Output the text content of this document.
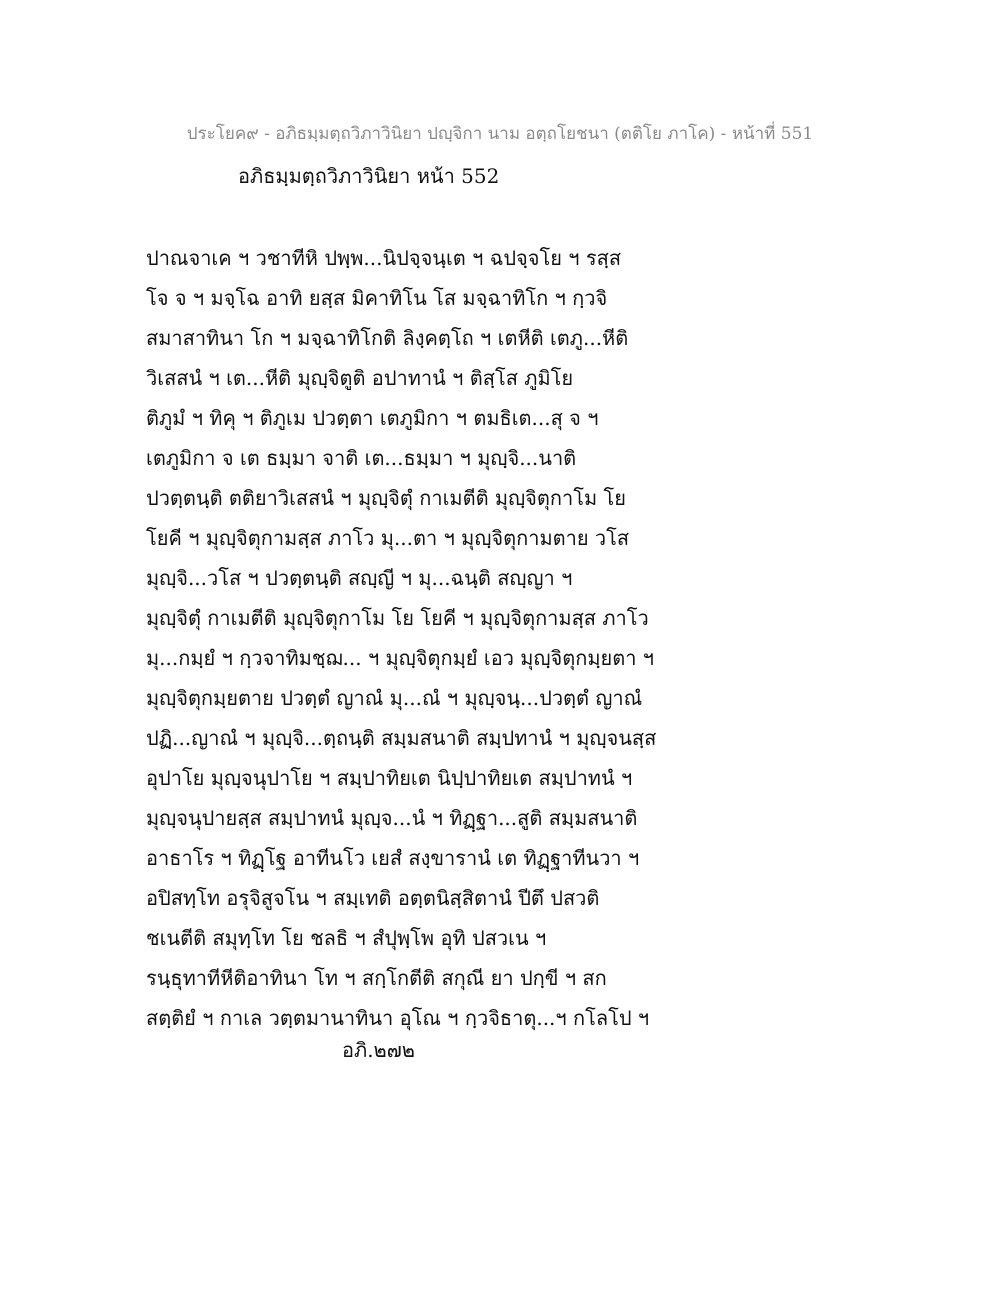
ประโยค๙ - อภิธมฺมตฺถวิภาวินิยา ปญฺจิกา นาม อตฺถโยชนา (ตติโย ภาโค) - หน้าที่ 551
อภิธมฺมตฺถวิภาวินิยา หน้า 552
ปาณจาเค ฯ วชาทีหิ ปพฺพ...นิปจฺจนฺเต ฯ ฉปจฺจโย ฯ รสฺส
โจ จ ฯ มจฺโฉ อาทิ ยสฺส มิคาทิโน โส มจฺฉาทิโก ฯ กฺวจิ
สมาสาทินา โก ฯ มจฺฉาทิโกติ ลิงฺคตฺโถ ฯ เตหีติ เตภู...หีติ
วิเสสนํ ฯ เต...หีติ มุญฺจิตูติ อปาทานํ ฯ ติสฺโส ภูมิโย
ติภูมํ ฯ ทิคุ ฯ ติภูเม ปวตฺตา เตภูมิกา ฯ ตมธิเต...สุ จ ฯ
เตภูมิกา จ เต ธมฺมา จาติ เต...ธมฺมา ฯ มุญฺจิ...นาติ
ปวตฺตนฺติ ตติยาวิเสสนํ ฯ มุญฺจิตุํ กาเมตีติ มุญฺจิตุกาโม โย
โยคี ฯ มุญฺจิตุกามสฺส ภาโว มุ...ตา ฯ มุญฺจิตุกามตาย วโส
มุญฺจิ...วโส ฯ ปวตฺตนฺติ สญฺญี ฯ มุ...ฉนฺติ สญฺญา ฯ
มุญฺจิตุํ กาเมตีติ มุญฺจิตุกาโม โย โยคี ฯ มุญฺจิตุกามสฺส ภาโว
มุ...กมฺยํ ฯ กฺวจาทิมชฺฌ... ฯ มุญฺจิตุกมฺยํ เอว มุญฺจิตุกมฺยตา ฯ
มุญฺจิตุกมฺยตาย ปวตฺตํ ญาณํ มุ...ณํ ฯ มุญฺจนฺ...ปวตฺตํ ญาณํ
ปฏิ...ญาณํ ฯ มุญฺจิ...ตฺถนฺติ สมฺมสนาติ สมฺปทานํ ฯ มุญฺจนสฺส
อุปาโย มุญฺจนุปาโย ฯ สมฺปาทิยเต นิปฺปาทิยเต สมฺปาทนํ ฯ
มุญฺจนุปายสฺส สมฺปาทนํ มุญฺจ...นํ ฯ ทิฏฺฐา...สูติ สมฺมสนาติ
อาธาโร ฯ ทิฏฺโฐ อาทีนโว เยสํ สงฺขารานํ เต ทิฏฺฐาทีนวา ฯ
อปิสทฺโท อรุจิสูจโน ฯ สมฺเทติ อตฺตนิสฺสิตานํ ปีตึ ปสวติ
ชเนตีติ สมุทฺโท โย ชลธิ ฯ สํปุพฺโพ อุทิ ปสวเน ฯ
รนฺธุทาทีหีติอาทินา โท ฯ สกฺโกตีติ สกุณี ยา ปกฺขี ฯ สก
สตฺติยํ ฯ กาเล วตฺตมานาทินา อุโณ ฯ กฺวจิธาตุ...ฯ กโลโป ฯ
อภิ.๒๗๒
